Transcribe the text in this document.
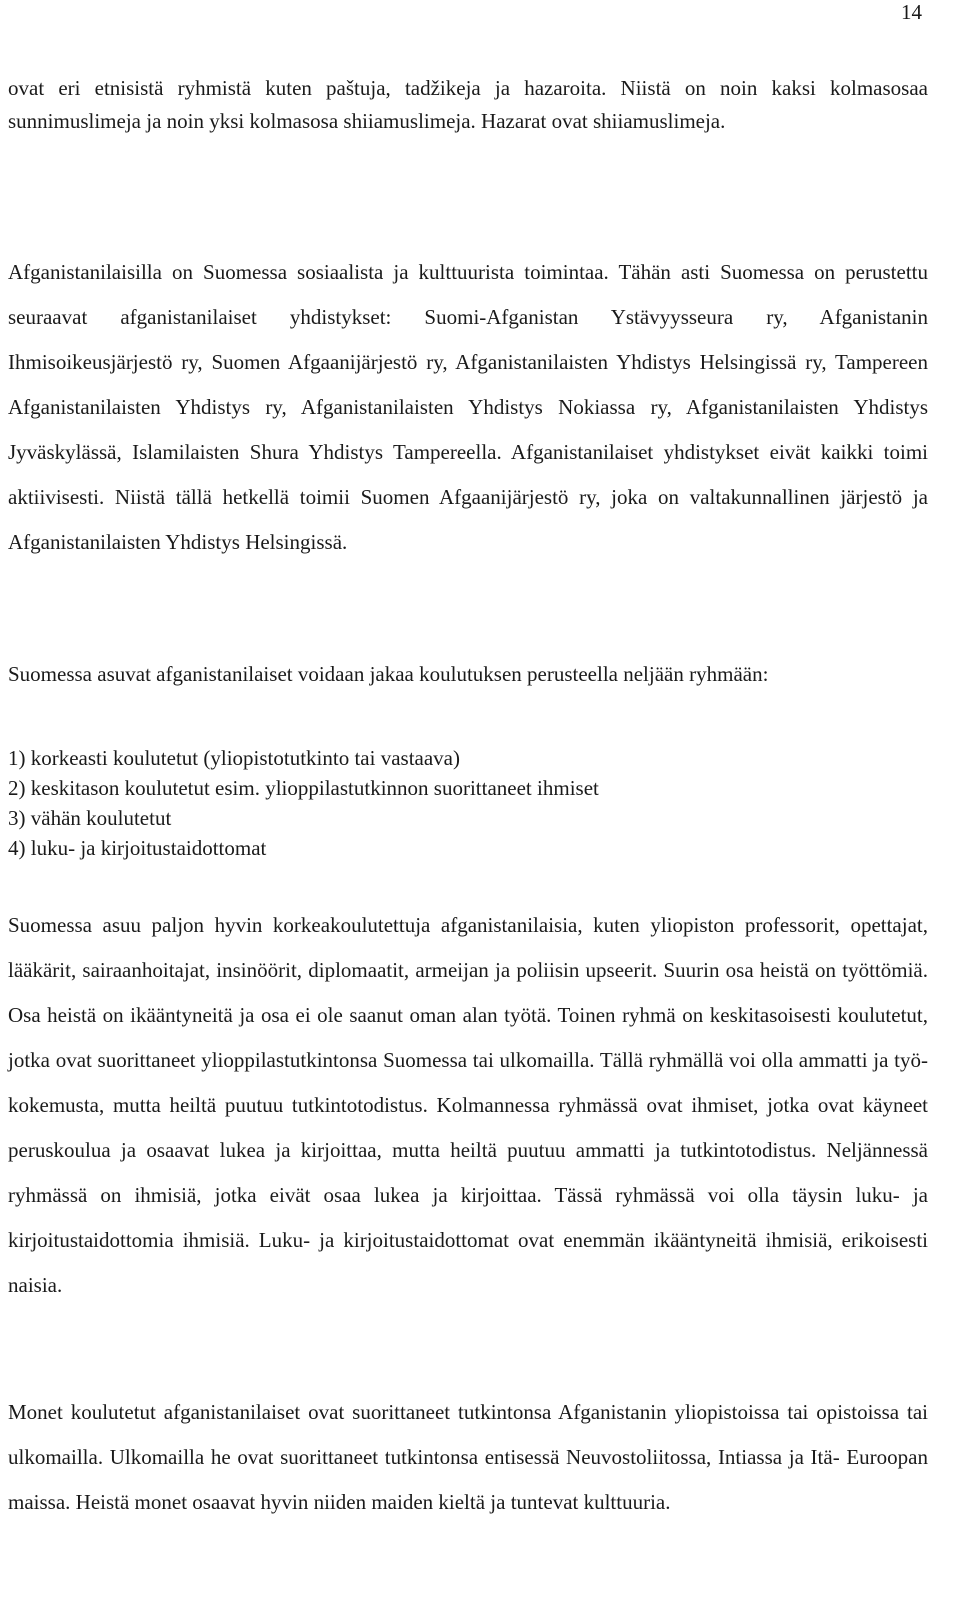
14

ovat eri etnisistä ryhmistä kuten paštuja, tadžikeja ja hazaroita. Niistä on noin kaksi kolmasosaa sunnimuslimeja ja noin yksi kolmasosa shiiamuslimeja. Hazarat ovat shiiamuslimeja.

Afganistanilaisilla on Suomessa sosiaalista ja kulttuurista toimintaa. Tähän asti Suomessa on perustettu seuraavat afganistanilaiset yhdistykset: Suomi-Afganistan Ystävyysseura ry, Afganistanin Ihmisoikeusjärjestö ry, Suomen Afgaanijärjestö ry, Afganistanilaisten Yhdistys Helsingissä ry, Tampereen Afganistanilaisten Yhdistys ry, Afganistanilaisten Yhdistys Nokiassa ry, Afganistanilaisten Yhdistys Jyväskylässä, Islamilaisten Shura Yhdistys Tampereella. Afganistanilaiset yhdistykset eivät kaikki toimi aktiivisesti. Niistä tällä hetkellä toimii Suomen Afgaanijärjestö ry, joka on valtakunnallinen järjestö ja Afganistanilaisten Yhdistys Helsingissä.

Suomessa asuvat afganistanilaiset voidaan jakaa koulutuksen perusteella neljään ryhmään:

1) korkeasti koulutetut (yliopistotutkinto tai vastaava)
2) keskitason koulutetut esim. ylioppilastutkinnon suorittaneet ihmiset
3) vähän koulutetut
4) luku- ja kirjoitustaidottomat

Suomessa asuu paljon hyvin korkeakoulutettuja afganistanilaisia, kuten yliopiston professorit, opettajat, lääkärit, sairaanhoitajat, insinöörit, diplomaatit, armeijan ja poliisin upseerit. Suurin osa heistä on työttömiä. Osa heistä on ikääntyneitä ja osa ei ole saanut oman alan työtä. Toinen ryhmä on keskitasoisesti koulutetut, jotka ovat suorittaneet ylioppilastutkintonsa Suomessa tai ulkomailla. Tällä ryhmällä voi olla ammatti ja työkokemusta, mutta heiltä puutuu tutkintotodistus. Kolmannessa ryhmässä ovat ihmiset, jotka ovat käyneet peruskoulua ja osaavat lukea ja kirjoittaa, mutta heiltä puutuu ammatti ja tutkintotodistus. Neljännessä ryhmässä on ihmisiä, jotka eivät osaa lukea ja kirjoittaa. Tässä ryhmässä voi olla täysin luku- ja kirjoitustaidottomia ihmisiä. Luku- ja kirjoitustaidottomat ovat enemmän ikääntyneitä ihmisiä, erikoisesti naisia.

Monet koulutetut afganistanilaiset ovat suorittaneet tutkintonsa Afganistanin yliopistoissa tai opistoissa tai ulkomailla. Ulkomailla he ovat suorittaneet tutkintonsa entisessä Neuvostoliitossa, Intiassa ja Itä- Euroopan maissa. Heistä monet osaavat hyvin niiden maiden kieltä ja tuntevat kulttuuria.
